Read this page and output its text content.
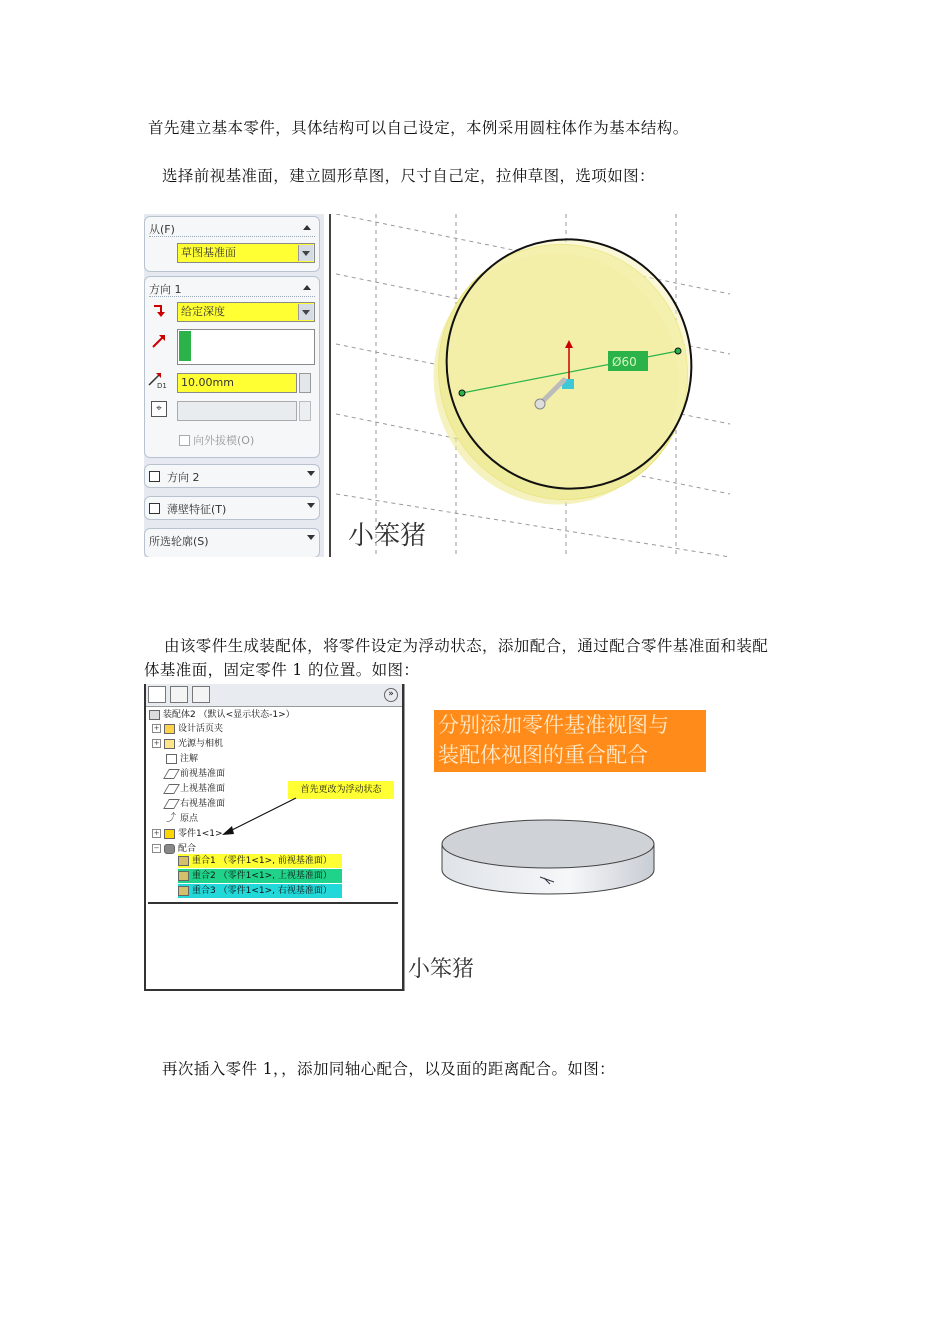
首先建立基本零件，具体结构可以自己设定，本例采用圆柱体作为基本结构。
选择前视基准面，建立圆形草图，尺寸自己定，拉伸草图，选项如图：
从(F)
草图基准面
方向 1
给定深度
D1	10.00mm
⌖
向外拔模(O)
方向 2
薄壁特征(T)
所选轮廓(S)
Ø60
小笨猪
由该零件生成装配体，将零件设定为浮动状态，添加配合，通过配合零件基准面和装配
体基准面，固定零件 1 的位置。如图：
»
装配体2 （默认<显示状态-1>）
+ 设计活页夹
+ 光源与相机
注解
前视基准面
上视基准面
右视基准面
⤴ 原点
+ 零件1<1>
− 配合
重合1 （零件1<1>, 前视基准面）
重合2 （零件1<1>, 上视基准面）
重合3 （零件1<1>, 右视基准面）
首先更改为浮动状态
分别添加零件基准视图与
装配体视图的重合配合
小笨猪
再次插入零件 1，，添加同轴心配合，以及面的距离配合。如图：
